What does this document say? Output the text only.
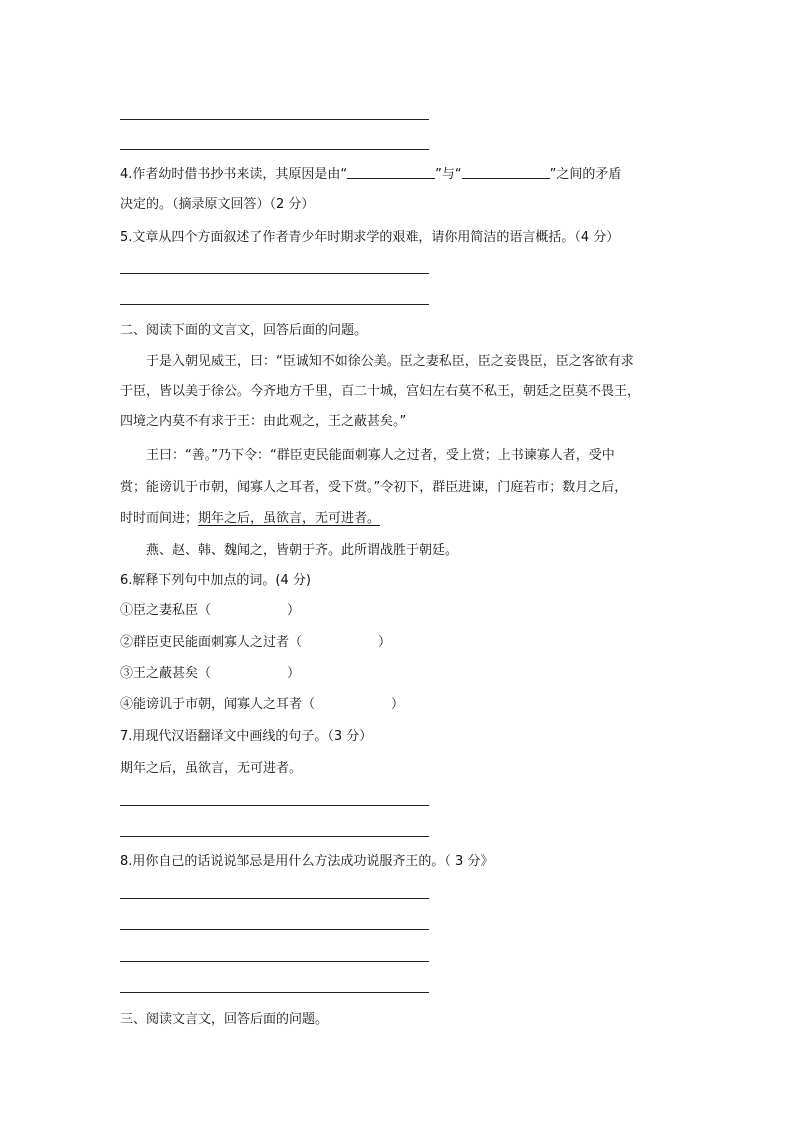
4.作者幼时借书抄书来读，其原因是由“	”与“	”之间的矛盾
决定的。（摘录原文回答）（2 分）
5.文章从四个方面叙述了作者青少年时期求学的艰难，请你用简洁的语言概括。（4 分）
二、阅读下面的文言文，回答后面的问题。
于是入朝见威王，曰：“臣诚知不如徐公美。臣之妻私臣，臣之妾畏臣，臣之客欲有求
于臣，皆以美于徐公。今齐地方千里，百二十城，宫妇左右莫不私王，朝廷之臣莫不畏王，
四境之内莫不有求于王：由此观之，王之蔽甚矣。”
王曰：“善。”乃下令：“群臣吏民能面刺寡人之过者，受上赏；上书谏寡人者，受中
赏；能谤讥于市朝，闻寡人之耳者，受下赏。”令初下，群臣进谏，门庭若市；数月之后，
时时而间进；期年之后，虽欲言，无可进者。
燕、赵、韩、魏闻之，皆朝于齐。此所谓战胜于朝廷。
6.解释下列句中加点的词。(4 分)
①臣之妻私臣（	）
②群臣吏民能面刺寡人之过者（	）
③王之蔽甚矣（	）
④能谤讥于市朝，闻寡人之耳者（	）
7.用现代汉语翻译文中画线的句子。（3 分）
期年之后，虽欲言，无可进者。
8.用你自己的话说说邹忌是用什么方法成功说服齐王的。（ 3 分》
三、阅读文言文，回答后面的问题。
